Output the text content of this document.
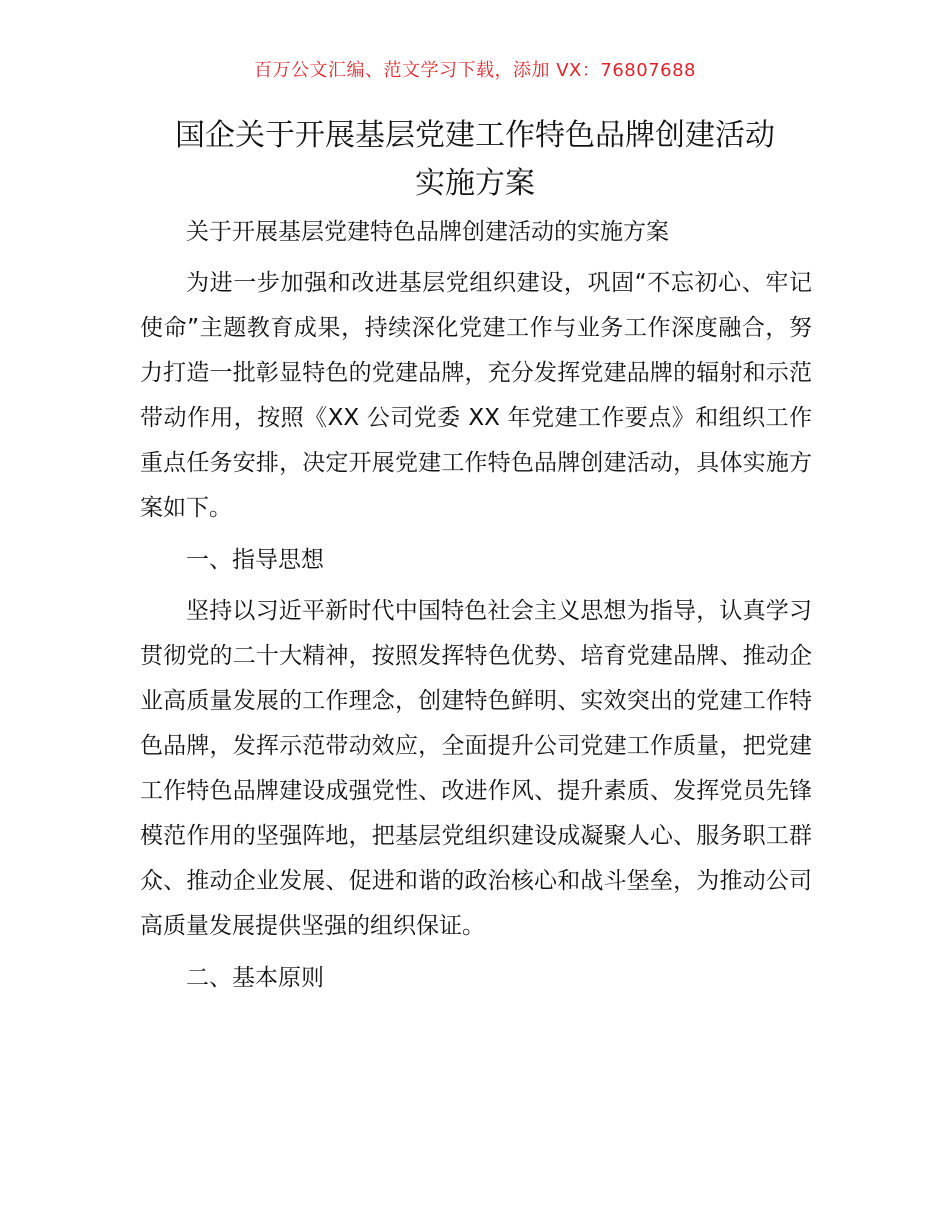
百万公文汇编、范文学习下载，添加 VX：76807688
国企关于开展基层党建工作特色品牌创建活动
实施方案

关于开展基层党建特色品牌创建活动的实施方案

为进一步加强和改进基层党组织建设，巩固“不忘初心、牢记使命”主题教育成果，持续深化党建工作与业务工作深度融合，努力打造一批彰显特色的党建品牌，充分发挥党建品牌的辐射和示范带动作用，按照《XX 公司党委 XX 年党建工作要点》和组织工作重点任务安排，决定开展党建工作特色品牌创建活动，具体实施方案如下。

一、指导思想

坚持以习近平新时代中国特色社会主义思想为指导，认真学习贯彻党的二十大精神，按照发挥特色优势、培育党建品牌、推动企业高质量发展的工作理念，创建特色鲜明、实效突出的党建工作特色品牌，发挥示范带动效应，全面提升公司党建工作质量，把党建工作特色品牌建设成强党性、改进作风、提升素质、发挥党员先锋模范作用的坚强阵地，把基层党组织建设成凝聚人心、服务职工群众、推动企业发展、促进和谐的政治核心和战斗堡垒，为推动公司高质量发展提供坚强的组织保证。

二、基本原则
